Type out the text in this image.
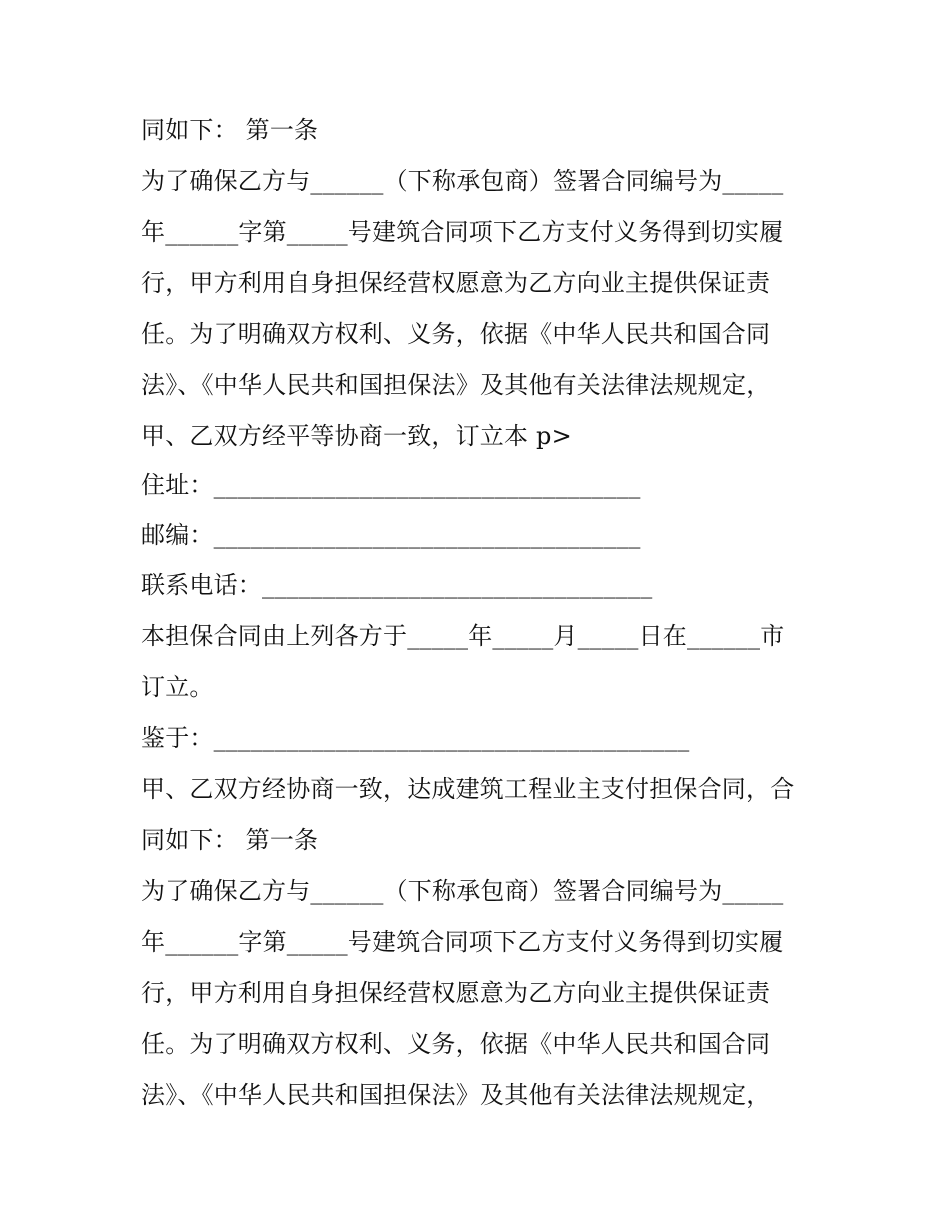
同如下： 第一条
为了确保乙方与______（下称承包商）签署合同编号为_____
年______字第_____号建筑合同项下乙方支付义务得到切实履
行，甲方利用自身担保经营权愿意为乙方向业主提供保证责
任。为了明确双方权利、义务，依据《中华人民共和国合同
法》、《中华人民共和国担保法》及其他有关法律法规规定，
甲、乙双方经平等协商一致，订立本 p>
住址：___________________________________
邮编：___________________________________
联系电话：________________________________
本担保合同由上列各方于_____年_____月_____日在______市
订立。
鉴于：_______________________________________
甲、乙双方经协商一致，达成建筑工程业主支付担保合同，合
同如下： 第一条
为了确保乙方与______（下称承包商）签署合同编号为_____
年______字第_____号建筑合同项下乙方支付义务得到切实履
行，甲方利用自身担保经营权愿意为乙方向业主提供保证责
任。为了明确双方权利、义务，依据《中华人民共和国合同
法》、《中华人民共和国担保法》及其他有关法律法规规定，
